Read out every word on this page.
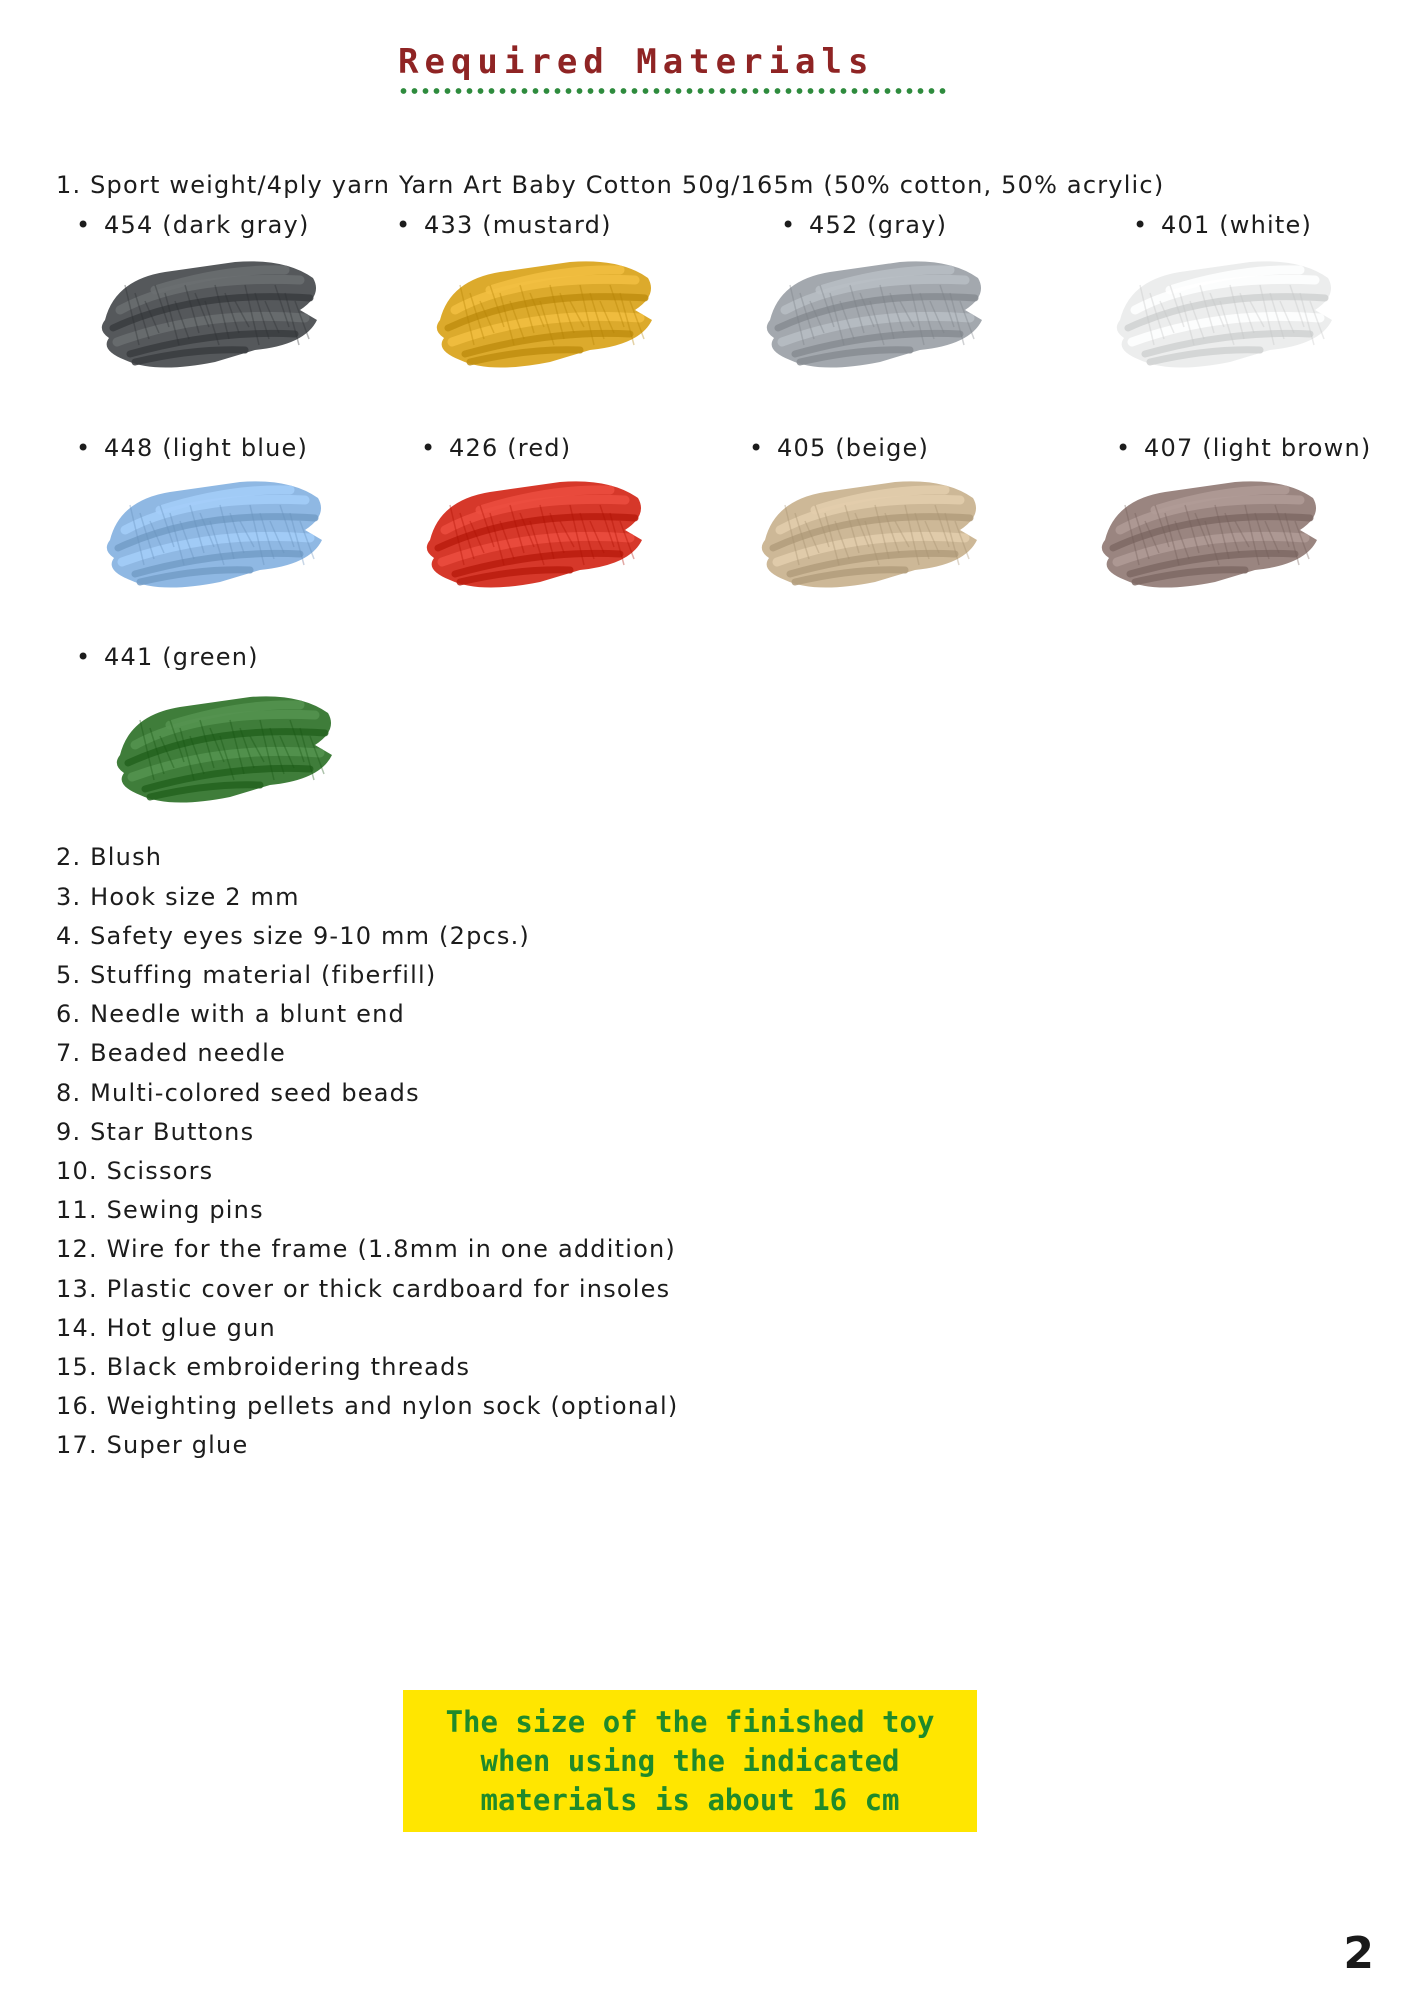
Required Materials
1. Sport weight/4ply yarn Yarn Art Baby Cotton 50g/165m (50% cotton, 50% acrylic)
• 454 (dark gray)	• 433 (mustard)	• 452 (gray)	• 401 (white)
• 448 (light blue)	• 426 (red)	• 405 (beige)	• 407 (light brown)
• 441 (green)
2. Blush
3. Hook size 2 mm
4. Safety eyes size 9-10 mm (2pcs.)
5. Stuffing material (fiberfill)
6. Needle with a blunt end
7. Beaded needle
8. Multi-colored seed beads
9. Star Buttons
10. Scissors
11. Sewing pins
12. Wire for the frame (1.8mm in one addition)
13. Plastic cover or thick cardboard for insoles
14. Hot glue gun
15. Black embroidering threads
16. Weighting pellets and nylon sock (optional)
17. Super glue
The size of the finished toy when using the indicated materials is about 16 cm
2
